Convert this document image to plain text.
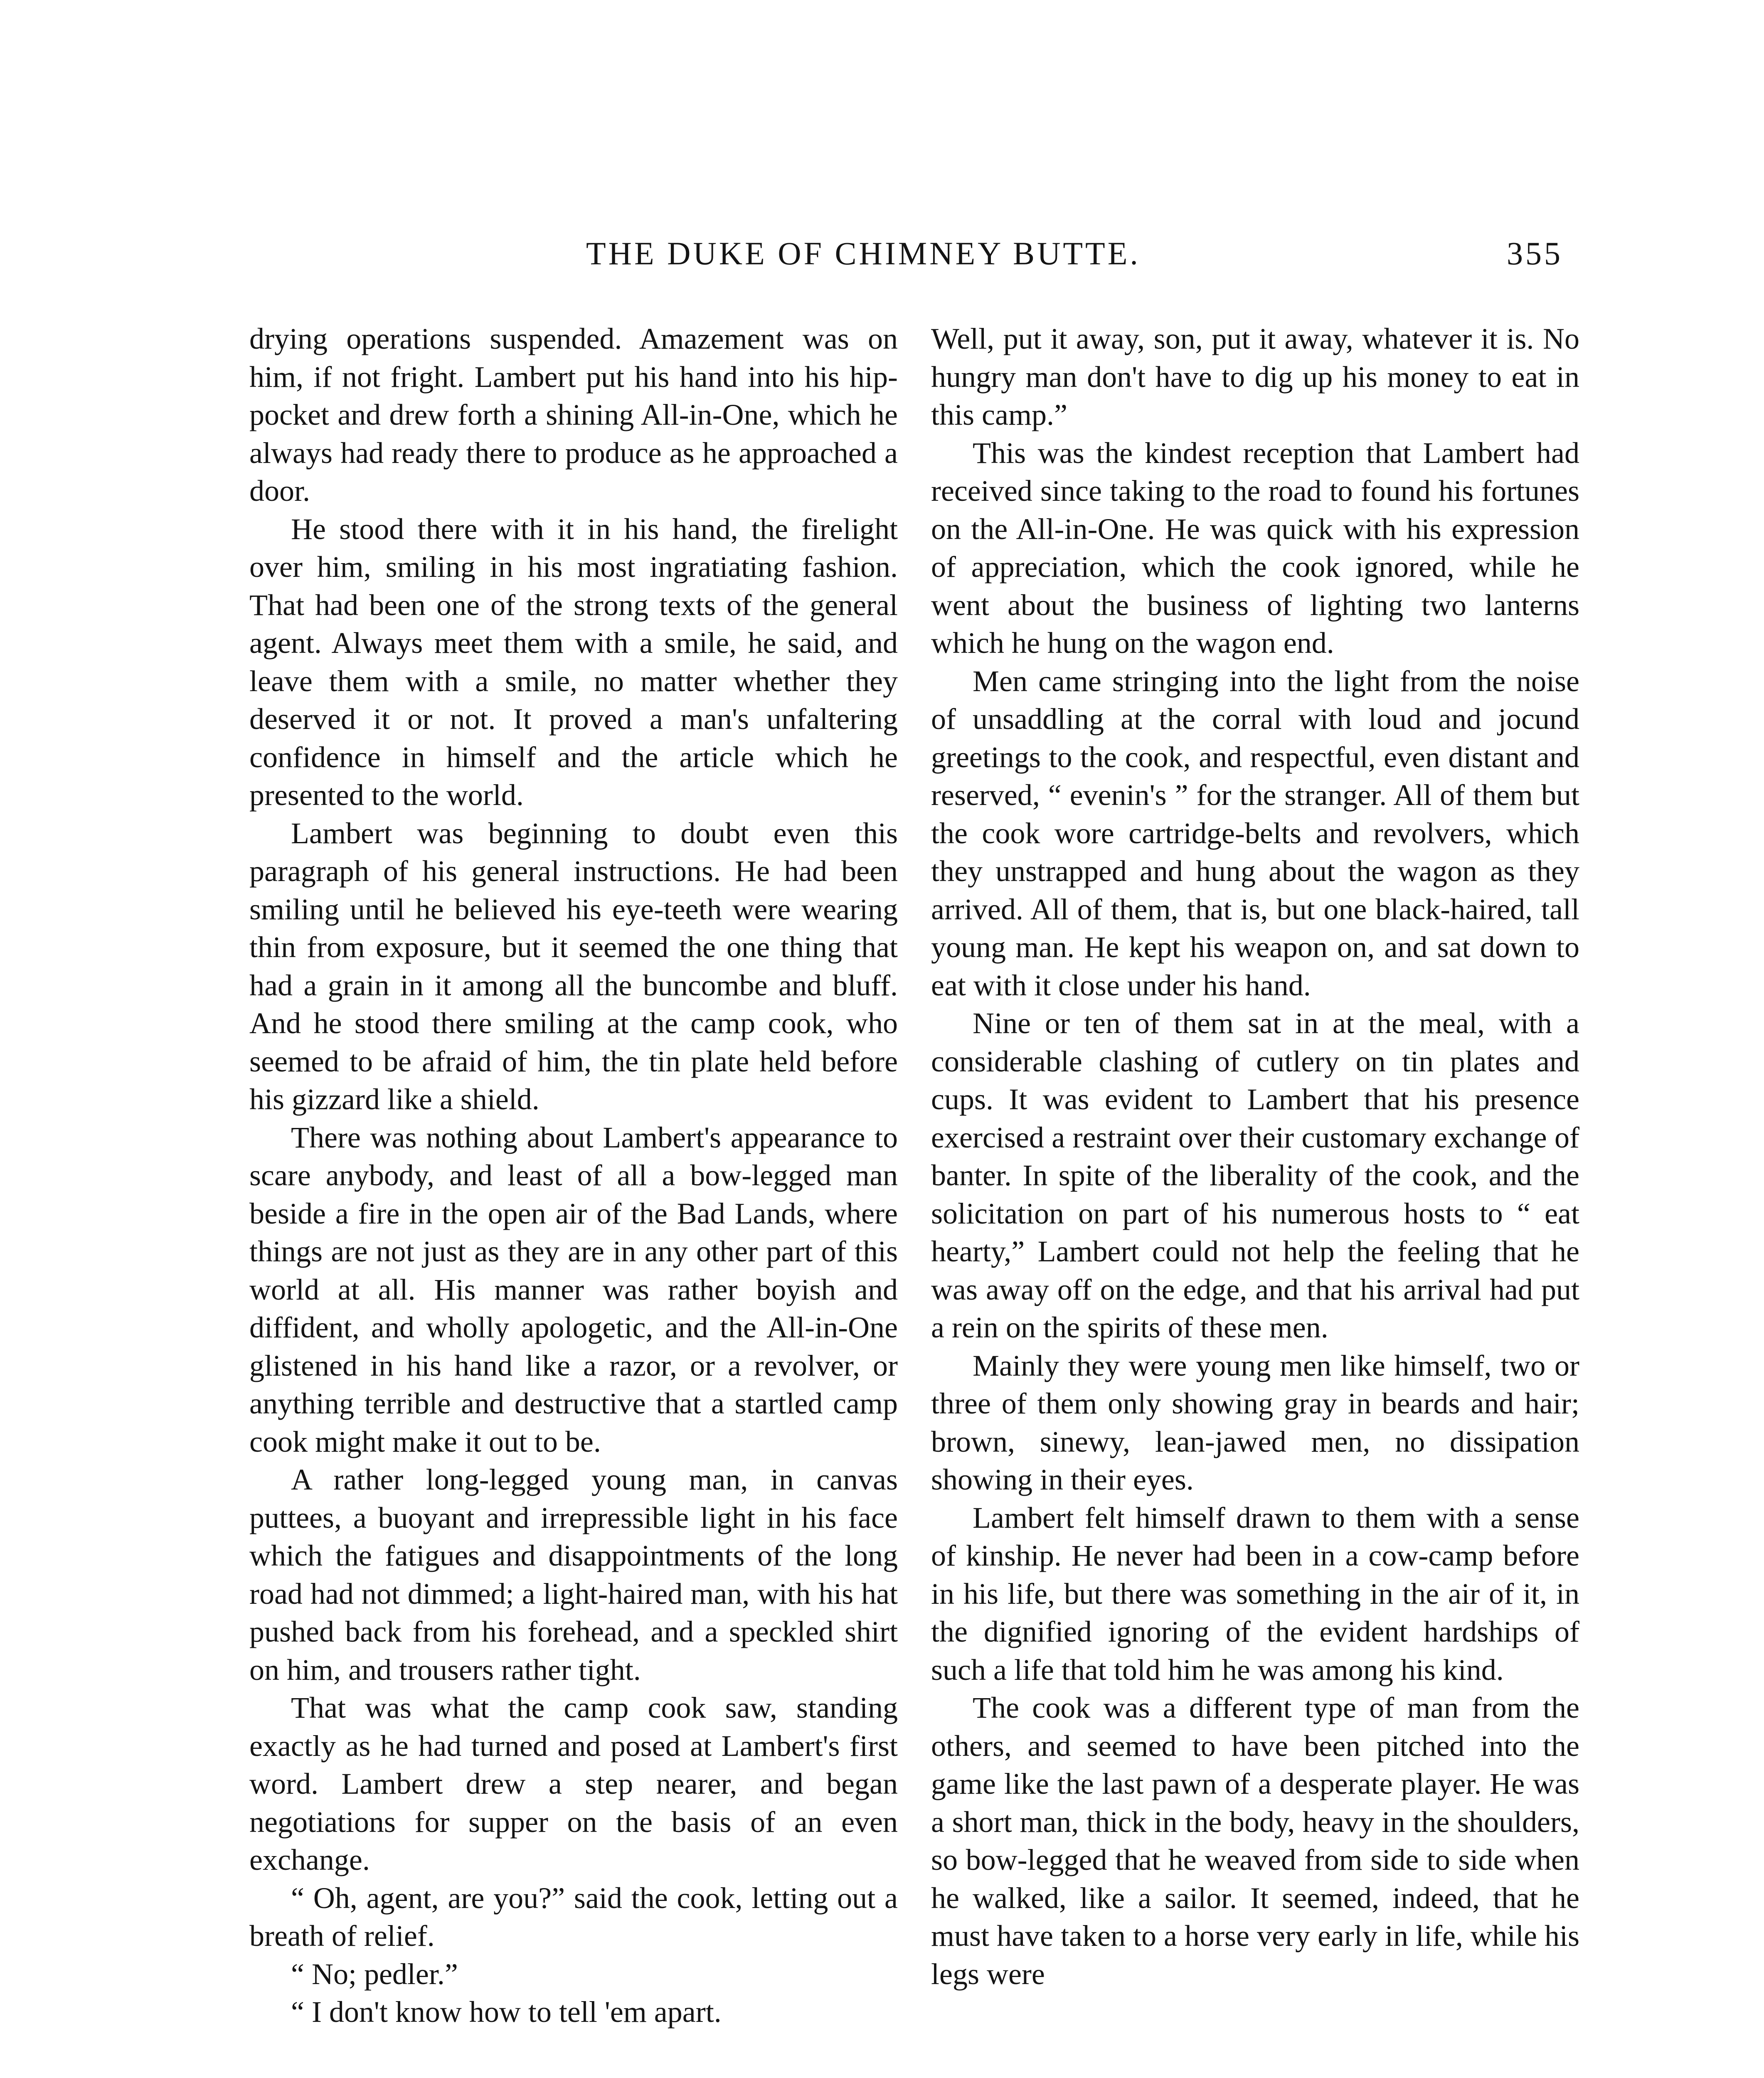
THE DUKE OF CHIMNEY BUTTE.	355

drying operations suspended. Amazement was on him, if not fright. Lambert put his hand into his hip-pocket and drew forth a shining All-in-One, which he always had ready there to produce as he approached a door.

He stood there with it in his hand, the firelight over him, smiling in his most ingratiating fashion. That had been one of the strong texts of the general agent. Always meet them with a smile, he said, and leave them with a smile, no matter whether they deserved it or not. It proved a man's unfaltering confidence in himself and the article which he presented to the world.

Lambert was beginning to doubt even this paragraph of his general instructions. He had been smiling until he believed his eye-teeth were wearing thin from exposure, but it seemed the one thing that had a grain in it among all the buncombe and bluff. And he stood there smiling at the camp cook, who seemed to be afraid of him, the tin plate held before his gizzard like a shield.

There was nothing about Lambert's appearance to scare anybody, and least of all a bow-legged man beside a fire in the open air of the Bad Lands, where things are not just as they are in any other part of this world at all. His manner was rather boyish and diffident, and wholly apologetic, and the All-in-One glistened in his hand like a razor, or a revolver, or anything terrible and destructive that a startled camp cook might make it out to be.

A rather long-legged young man, in canvas puttees, a buoyant and irrepressible light in his face which the fatigues and disappointments of the long road had not dimmed; a light-haired man, with his hat pushed back from his forehead, and a speckled shirt on him, and trousers rather tight.

That was what the camp cook saw, standing exactly as he had turned and posed at Lambert's first word. Lambert drew a step nearer, and began negotiations for supper on the basis of an even exchange.

“ Oh, agent, are you?” said the cook, letting out a breath of relief.

“ No; pedler.”

“ I don't know how to tell 'em apart.

Well, put it away, son, put it away, whatever it is. No hungry man don't have to dig up his money to eat in this camp.”

This was the kindest reception that Lambert had received since taking to the road to found his fortunes on the All-in-One. He was quick with his expression of appreciation, which the cook ignored, while he went about the business of lighting two lanterns which he hung on the wagon end.

Men came stringing into the light from the noise of unsaddling at the corral with loud and jocund greetings to the cook, and respectful, even distant and reserved, “ evenin's ” for the stranger. All of them but the cook wore cartridge-belts and revolvers, which they unstrapped and hung about the wagon as they arrived. All of them, that is, but one black-haired, tall young man. He kept his weapon on, and sat down to eat with it close under his hand.

Nine or ten of them sat in at the meal, with a considerable clashing of cutlery on tin plates and cups. It was evident to Lambert that his presence exercised a restraint over their customary exchange of banter. In spite of the liberality of the cook, and the solicitation on part of his numerous hosts to “ eat hearty,” Lambert could not help the feeling that he was away off on the edge, and that his arrival had put a rein on the spirits of these men.

Mainly they were young men like himself, two or three of them only showing gray in beards and hair; brown, sinewy, lean-jawed men, no dissipation showing in their eyes.

Lambert felt himself drawn to them with a sense of kinship. He never had been in a cow-camp before in his life, but there was something in the air of it, in the dignified ignoring of the evident hardships of such a life that told him he was among his kind.

The cook was a different type of man from the others, and seemed to have been pitched into the game like the last pawn of a desperate player. He was a short man, thick in the body, heavy in the shoulders, so bow-legged that he weaved from side to side when he walked, like a sailor. It seemed, indeed, that he must have taken to a horse very early in life, while his legs were
